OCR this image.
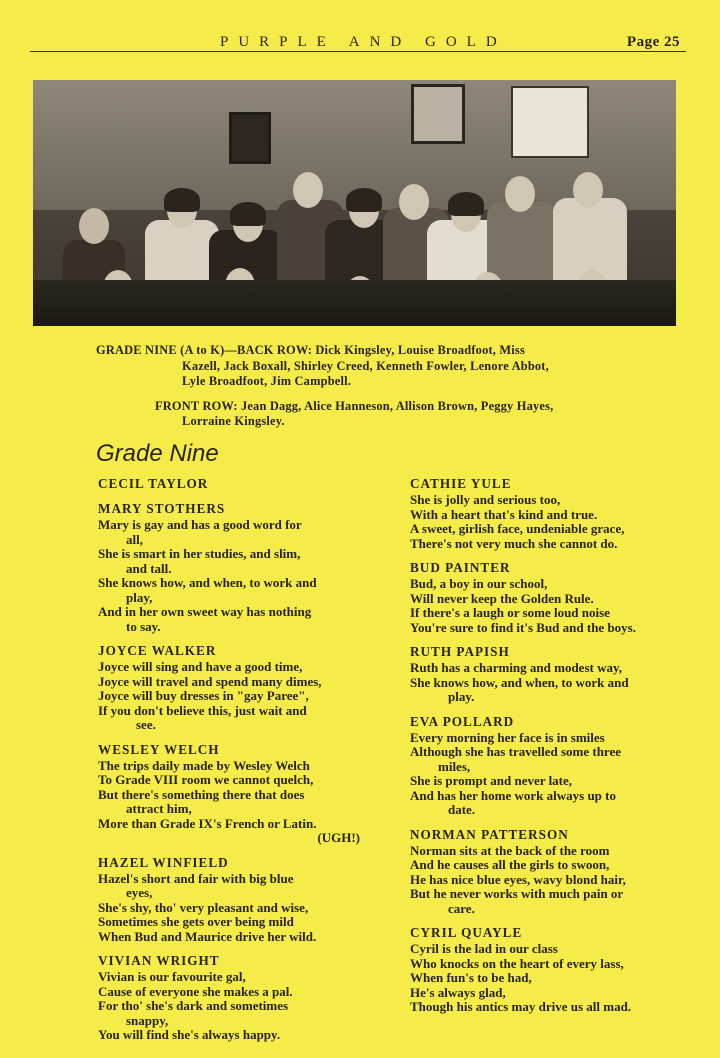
PURPLE AND GOLD	Page 25
GRADE NINE (A to K)—BACK ROW: Dick Kingsley, Louise Broadfoot, Miss
Kazell, Jack Boxall, Shirley Creed, Kenneth Fowler, Lenore Abbot,
Lyle Broadfoot, Jim Campbell.
FRONT ROW: Jean Dagg, Alice Hanneson, Allison Brown, Peggy Hayes,
Lorraine Kingsley.
Grade Nine
CECIL TAYLOR
MARY STOTHERS
Mary is gay and has a good word for
all,
She is smart in her studies, and slim,
and tall.
She knows how, and when, to work and
play,
And in her own sweet way has nothing
to say.
JOYCE WALKER
Joyce will sing and have a good time,
Joyce will travel and spend many dimes,
Joyce will buy dresses in "gay Paree",
If you don't believe this, just wait and
see.
WESLEY WELCH
The trips daily made by Wesley Welch
To Grade VIII room we cannot quelch,
But there's something there that does
attract him,
More than Grade IX's French or Latin.
(UGH!)
HAZEL WINFIELD
Hazel's short and fair with big blue
eyes,
She's shy, tho' very pleasant and wise,
Sometimes she gets over being mild
When Bud and Maurice drive her wild.
VIVIAN WRIGHT
Vivian is our favourite gal,
Cause of everyone she makes a pal.
For tho' she's dark and sometimes
snappy,
You will find she's always happy.
CATHIE YULE
She is jolly and serious too,
With a heart that's kind and true.
A sweet, girlish face, undeniable grace,
There's not very much she cannot do.
BUD PAINTER
Bud, a boy in our school,
Will never keep the Golden Rule.
If there's a laugh or some loud noise
You're sure to find it's Bud and the boys.
RUTH PAPISH
Ruth has a charming and modest way,
She knows how, and when, to work and
play.
EVA POLLARD
Every morning her face is in smiles
Although she has travelled some three
miles,
She is prompt and never late,
And has her home work always up to
date.
NORMAN PATTERSON
Norman sits at the back of the room
And he causes all the girls to swoon,
He has nice blue eyes, wavy blond hair,
But he never works with much pain or
care.
CYRIL QUAYLE
Cyril is the lad in our class
Who knocks on the heart of every lass,
When fun's to be had,
He's always glad,
Though his antics may drive us all mad.
